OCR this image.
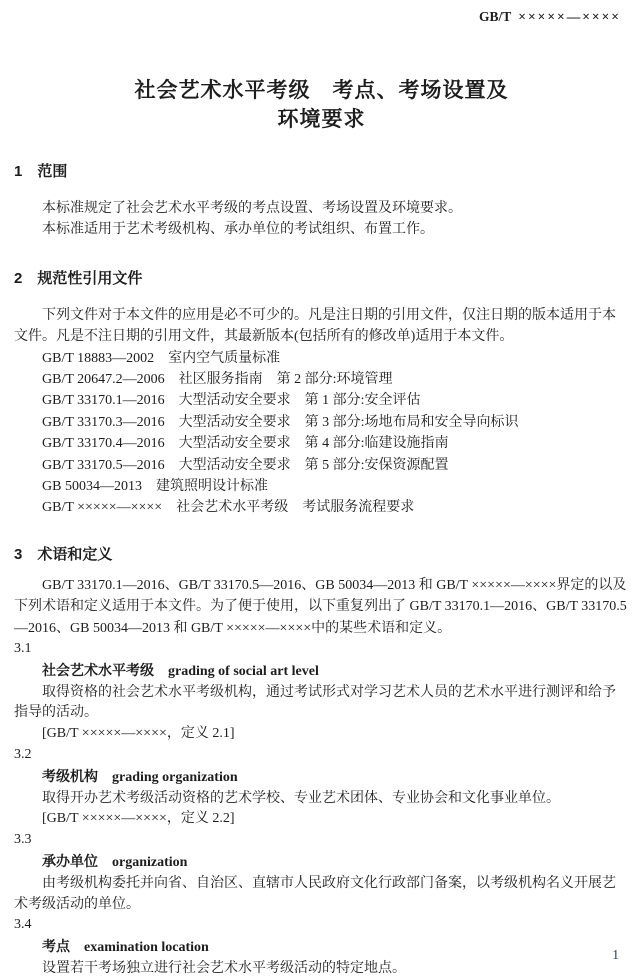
GB/T ×××××—××××
社会艺术水平考级　考点、考场设置及
环境要求
1 范围

本标准规定了社会艺术水平考级的考点设置、考场设置及环境要求。

本标准适用于艺术考级机构、承办单位的考试组织、布置工作。

2 规范性引用文件

下列文件对于本文件的应用是必不可少的。凡是注日期的引用文件，仅注日期的版本适用于本文件。凡是不注日期的引用文件，其最新版本(包括所有的修改单)适用于本文件。

GB/T 18883—2002　室内空气质量标准

GB/T 20647.2—2006　社区服务指南　第 2 部分:环境管理

GB/T 33170.1—2016　大型活动安全要求　第 1 部分:安全评估

GB/T 33170.3—2016　大型活动安全要求　第 3 部分:场地布局和安全导向标识

GB/T 33170.4—2016　大型活动安全要求　第 4 部分:临建设施指南

GB/T 33170.5—2016　大型活动安全要求　第 5 部分:安保资源配置

GB 50034—2013　建筑照明设计标准

GB/T ×××××—××××　社会艺术水平考级　考试服务流程要求

3 术语和定义

GB/T 33170.1—2016、GB/T 33170.5—2016、GB 50034—2013 和 GB/T ×××××—××××界定的以及下列术语和定义适用于本文件。为了便于使用，以下重复列出了 GB/T 33170.1—2016、GB/T 33170.5—2016、GB 50034—2013 和 GB/T ×××××—××××中的某些术语和定义。

3.1

社会艺术水平考级 grading of social art level

取得资格的社会艺术水平考级机构，通过考试形式对学习艺术人员的艺术水平进行测评和给予指导的活动。

[GB/T ×××××—××××，定义 2.1]

3.2

考级机构 grading organization

取得开办艺术考级活动资格的艺术学校、专业艺术团体、专业协会和文化事业单位。

[GB/T ×××××—××××，定义 2.2]

3.3

承办单位 organization

由考级机构委托并向省、自治区、直辖市人民政府文化行政部门备案，以考级机构名义开展艺术考级活动的单位。

3.4

考点 examination location

设置若干考场独立进行社会艺术水平考级活动的特定地点。

1
